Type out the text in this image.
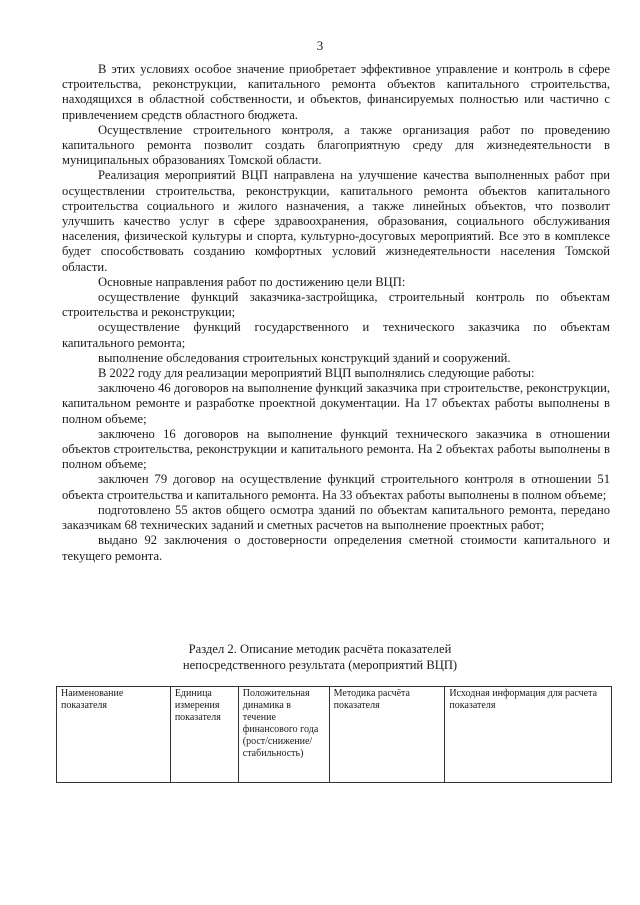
3

В этих условиях особое значение приобретает эффективное управление и контроль в сфере строительства, реконструкции, капитального ремонта объектов капитального строительства, находящихся в областной собственности, и объектов, финансируемых полностью или частично с привлечением средств областного бюджета.

Осуществление строительного контроля, а также организация работ по проведению капитального ремонта позволит создать благоприятную среду для жизнедеятельности в муниципальных образованиях Томской области.

Реализация мероприятий ВЦП направлена на улучшение качества выполненных работ при осуществлении строительства, реконструкции, капитального ремонта объектов капитального строительства социального и жилого назначения, а также линейных объектов, что позволит улучшить качество услуг в сфере здравоохранения, образования, социального обслуживания населения, физической культуры и спорта, культурно-досуговых мероприятий. Все это в комплексе будет способствовать созданию комфортных условий жизнедеятельности населения Томской области.

Основные направления работ по достижению цели ВЦП:

осуществление функций заказчика-застройщика, строительный контроль по объектам строительства и реконструкции;

осуществление функций государственного и технического заказчика по объектам капитального ремонта;

выполнение обследования строительных конструкций зданий и сооружений.

В 2022 году для реализации мероприятий ВЦП выполнялись следующие работы:

заключено 46 договоров на выполнение функций заказчика при строительстве, реконструкции, капитальном ремонте и разработке проектной документации. На 17 объектах работы выполнены в полном объеме;

заключено 16 договоров на выполнение функций технического заказчика в отношении объектов строительства, реконструкции и капитального ремонта. На 2 объектах работы выполнены в полном объеме;

заключен 79 договор на осуществление функций строительного контроля в отношении 51 объекта строительства и капитального ремонта. На 33 объектах работы выполнены в полном объеме;

подготовлено 55 актов общего осмотра зданий по объектам капитального ремонта, передано заказчикам 68 технических заданий и сметных расчетов на выполнение проектных работ;

выдано 92 заключения о достоверности определения сметной стоимости капитального и текущего ремонта.

Раздел 2. Описание методик расчёта показателей
непосредственного результата (мероприятий ВЦП)
Наименование показателя	Единица измерения показателя	Положительная динамика в течение финансового года (рост/снижение/ стабильность)	Методика расчёта показателя	Исходная информация для расчета показателя
